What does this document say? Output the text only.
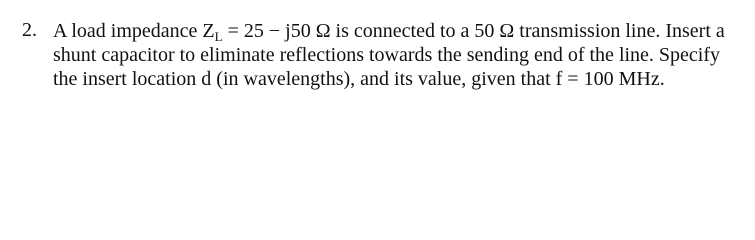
2. A load impedance $Z_L = 25 - j50$ Ω is connected to a 50 Ω transmission line. Insert a
shunt capacitor to eliminate reflections towards the sending end of the line. Specify
the insert location d (in wavelengths), and its value, given that f = 100 MHz.
